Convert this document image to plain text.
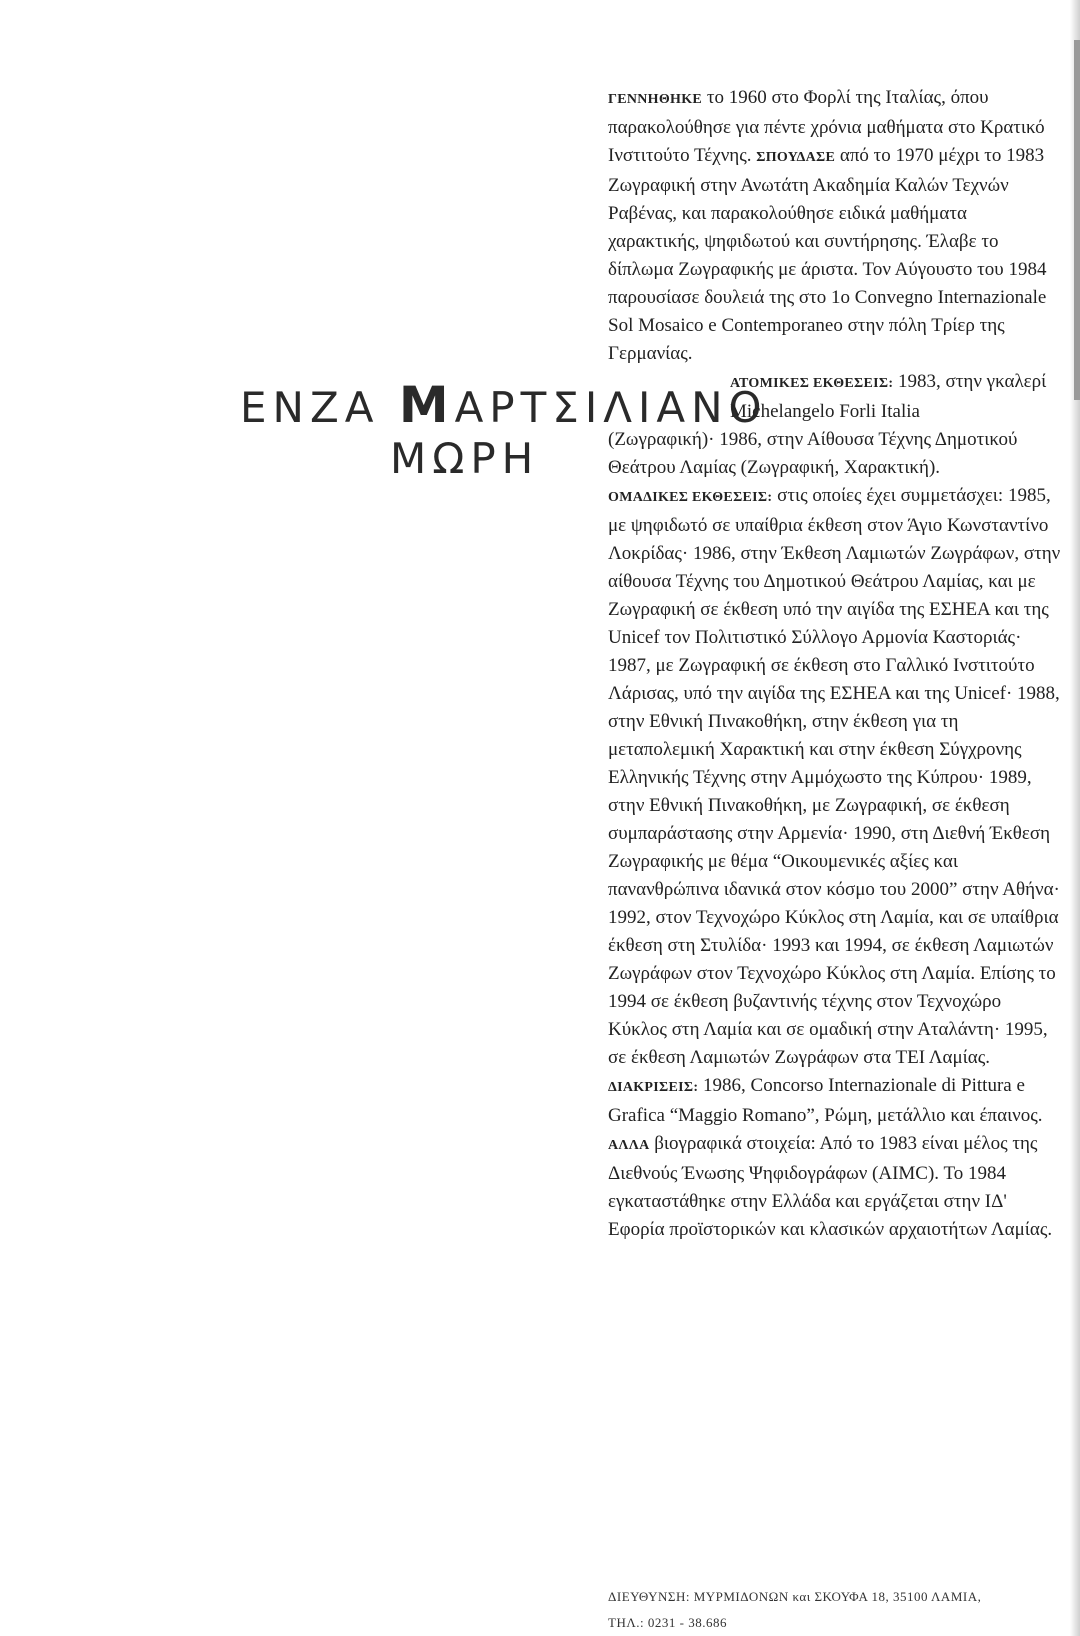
ΕΝΖΑ ΜΑΡΤΣΙΛΙΑΝΟ
ΜΩΡΗ

ΓΕΝΝΗΘΗΚΕ το 1960 στο Φορλί της Ιταλίας, όπου παρακολούθησε για πέντε χρόνια μαθήματα στο Κρατικό Ινστιτούτο Τέχνης. ΣΠΟΥΔΑΣΕ από το 1970 μέχρι το 1983 Ζωγραφική στην Ανωτάτη Ακαδημία Καλών Τεχνών Ραβένας, και παρακολούθησε ειδικά μαθήματα χαρακτικής, ψηφιδωτού και συντήρησης. Έλαβε το δίπλωμα Ζωγραφικής με άριστα. Τον Αύγουστο του 1984 παρουσίασε δουλειά της στο 1o Convegno Internazionale Sol Mosaico e Contemporaneo στην πόλη Τρίερ της Γερμανίας.

ΑΤΟΜΙΚΕΣ ΕΚΘΕΣΕΙΣ: 1983, στην γκαλερί Michelangelo Forli Italia

(Ζωγραφική)· 1986, στην Αίθουσα Τέχνης Δημοτικού Θεάτρου Λαμίας (Ζωγραφική, Χαρακτική).

ΟΜΑΔΙΚΕΣ ΕΚΘΕΣΕΙΣ: στις οποίες έχει συμμετάσχει: 1985, με ψηφιδωτό σε υπαίθρια έκθεση στον Άγιο Κωνσταντίνο Λοκρίδας· 1986, στην Έκθεση Λαμιωτών Ζωγράφων, στην αίθουσα Τέχνης του Δημοτικού Θεάτρου Λαμίας, και με Ζωγραφική σε έκθεση υπό την αιγίδα της ΕΣΗΕΑ και της Unicef τον Πολιτιστικό Σύλλογο Αρμονία Καστοριάς· 1987, με Ζωγραφική σε έκθεση στο Γαλλικό Ινστιτούτο Λάρισας, υπό την αιγίδα της ΕΣΗΕΑ και της Unicef· 1988, στην Εθνική Πινακοθήκη, στην έκθεση για τη μεταπολεμική Χαρακτική και στην έκθεση Σύγχρονης Ελληνικής Τέχνης στην Αμμόχωστο της Κύπρου· 1989, στην Εθνική Πινακοθήκη, με Ζωγραφική, σε έκθεση συμπαράστασης στην Αρμενία· 1990, στη Διεθνή Έκθεση Ζωγραφικής με θέμα “Οικουμενικές αξίες και πανανθρώπινα ιδανικά στον κόσμο του 2000” στην Αθήνα· 1992, στον Τεχνοχώρο Κύκλος στη Λαμία, και σε υπαίθρια έκθεση στη Στυλίδα· 1993 και 1994, σε έκθεση Λαμιωτών Ζωγράφων στον Τεχνοχώρο Κύκλος στη Λαμία. Επίσης το 1994 σε έκθεση βυζαντινής τέχνης στον Τεχνοχώρο Κύκλος στη Λαμία και σε ομαδική στην Αταλάντη· 1995, σε έκθεση Λαμιωτών Ζωγράφων στα ΤΕΙ Λαμίας.

ΔΙΑΚΡΙΣΕΙΣ: 1986, Concorso Internazionale di Pittura e Grafica “Maggio Romano”, Ρώμη, μετάλλιο και έπαινος. ΑΛΛΑ βιογραφικά στοιχεία: Από το 1983 είναι μέλος της Διεθνούς Ένωσης Ψηφιδογράφων (AIMC). Το 1984 εγκαταστάθηκε στην Ελλάδα και εργάζεται στην ΙΔ' Εφορία προϊστορικών και κλασικών αρχαιοτήτων Λαμίας.

ΔΙΕΥΘΥΝΣΗ: ΜΥΡΜΙΔΟΝΩΝ και ΣΚΟΥΦΑ 18, 35100 ΛΑΜΙΑ,
ΤΗΛ.: 0231 - 38.686
